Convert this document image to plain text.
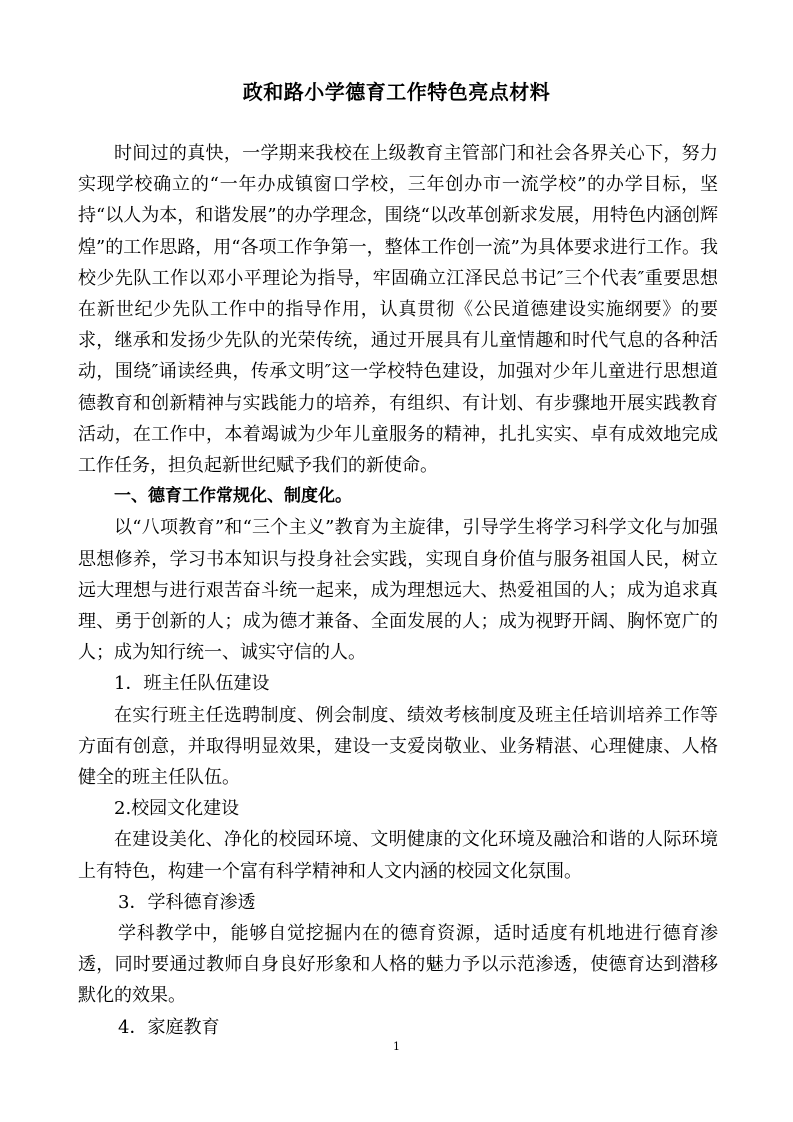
政和路小学德育工作特色亮点材料

时间过的真快，一学期来我校在上级教育主管部门和社会各界关心下，努力实现学校确立的“一年办成镇窗口学校，三年创办市一流学校”的办学目标，坚持“以人为本，和谐发展”的办学理念，围绕“以改革创新求发展，用特色内涵创辉煌”的工作思路，用“各项工作争第一，整体工作创一流”为具体要求进行工作。我校少先队工作以邓小平理论为指导，牢固确立江泽民总书记″三个代表″重要思想在新世纪少先队工作中的指导作用，认真贯彻《公民道德建设实施纲要》的要求，继承和发扬少先队的光荣传统，通过开展具有儿童情趣和时代气息的各种活动，围绕″诵读经典，传承文明″这一学校特色建设，加强对少年儿童进行思想道德教育和创新精神与实践能力的培养，有组织、有计划、有步骤地开展实践教育活动，在工作中，本着竭诚为少年儿童服务的精神，扎扎实实、卓有成效地完成工作任务，担负起新世纪赋予我们的新使命。

一、德育工作常规化、制度化。

以“八项教育”和“三个主义”教育为主旋律，引导学生将学习科学文化与加强思想修养，学习书本知识与投身社会实践，实现自身价值与服务祖国人民，树立远大理想与进行艰苦奋斗统一起来，成为理想远大、热爱祖国的人；成为追求真理、勇于创新的人；成为德才兼备、全面发展的人；成为视野开阔、胸怀宽广的人；成为知行统一、诚实守信的人。

1．班主任队伍建设

在实行班主任选聘制度、例会制度、绩效考核制度及班主任培训培养工作等方面有创意，并取得明显效果，建设一支爱岗敬业、业务精湛、心理健康、人格健全的班主任队伍。

2.校园文化建设

在建设美化、净化的校园环境、文明健康的文化环境及融洽和谐的人际环境上有特色，构建一个富有科学精神和人文内涵的校园文化氛围。

3．学科德育渗透

学科教学中，能够自觉挖掘内在的德育资源，适时适度有机地进行德育渗透，同时要通过教师自身良好形象和人格的魅力予以示范渗透，使德育达到潜移默化的效果。

4．家庭教育

1
